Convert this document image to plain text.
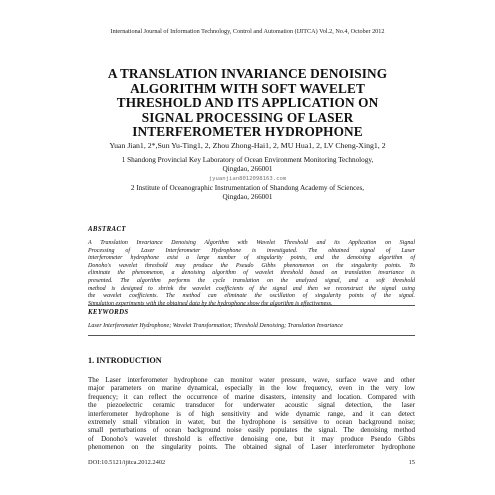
International Journal of Information Technology, Control and Automation (IJITCA) Vol.2, No.4, October 2012
A TRANSLATION INVARIANCE DENOISING
ALGORITHM WITH SOFT WAVELET
THRESHOLD AND ITS APPLICATION ON
SIGNAL PROCESSING OF LASER
INTERFEROMETER HYDROPHONE
Yuan Jian1, 2*,Sun Yu-Ting1, 2, Zhou Zhong-Hai1, 2, MU Hua1, 2, LV Cheng-Xing1, 2
1 Shandong Provincial Key Laboratory of Ocean Environment Monitoring Technology,
Qingdao, 266001
jyuanjian8012098163.com
2 Institute of Oceanographic Instrumentation of Shandong Academy of Sciences,
Qingdao, 266001
ABSTRACT
A Translation Invariance Denoising Algorithm with Wavelet Threshold and its Application on Signal
Processing of Laser Interferometer Hydrophone is investigated. The obtained signal of Laser
interferometer hydrophone exist a large number of singularity points, and the denoising algorithm of
Donoho's wavelet threshold may produce the Pseudo Gibbs phenomenon on the singularity points. To
eliminate the phenomenon, a denoising algorithm of wavelet threshold based on translation invariance is
presented. The algorithm performs the cycle translation on the analyzed signal, and a soft threshold
method is designed to shrink the wavelet coefficients of the signal and then we reconstruct the signal using
the wavelet coefficients. The method can eliminate the oscillation of singularity points of the signal.
Simulation experiments with the obtained data by the hydrophone show the algorithm is effectiveness.
KEYWORDS
Laser Interferometer Hydrophone; Wavelet Transformation; Threshold Denoising; Translation Invariance
1. INTRODUCTION
The Laser interferometer hydrophone can monitor water pressure, wave, surface wave and other
major parameters on marine dynamical, especially in the low frequency, even in the very low
frequency; it can reflect the occurrence of marine disasters, intensity and location. Compared with
the piezoelectric ceramic transducer for underwater acoustic signal detection, the laser
interferometer hydrophone is of high sensitivity and wide dynamic range, and it can detect
extremely small vibration in water, but the hydrophone is sensitive to ocean background noise;
small perturbations of ocean background noise easily populates the signal. The denoising method
of Donoho's wavelet threshold is effective denoising one, but it may produce Pseudo Gibbs
phenomenon on the singularity points. The obtained signal of Laser interferometer hydrophone
DOI:10.5121/ijitca.2012.2402	15
